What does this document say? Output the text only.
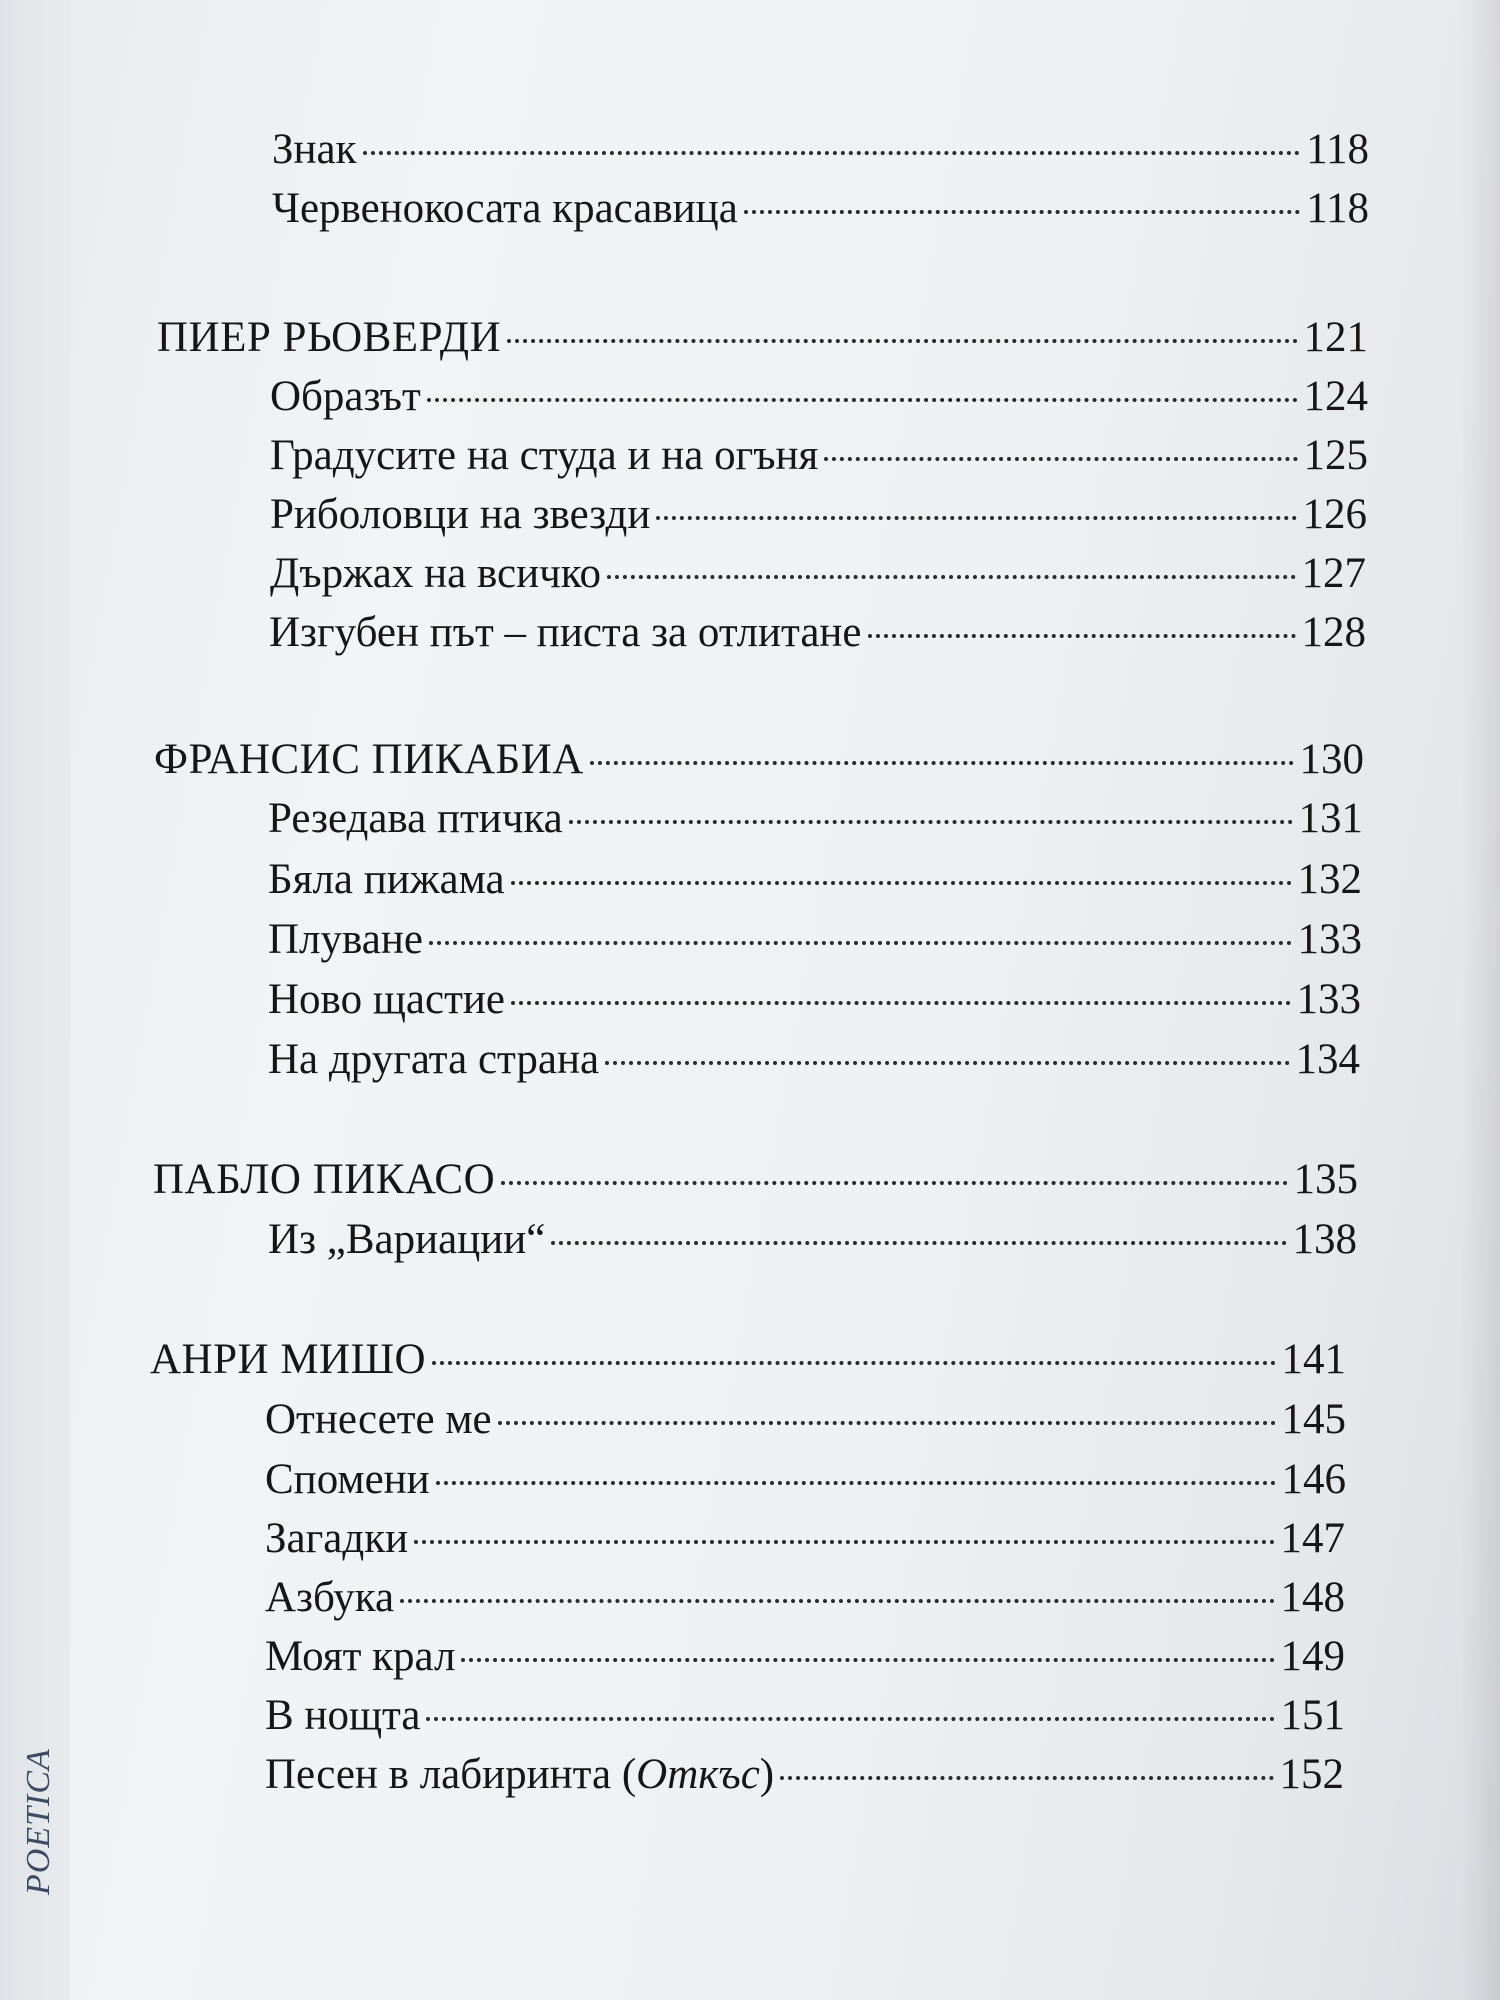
POETICA
Знак	118
Червенокосата красавица	118
ПИЕР РЬОВЕРДИ	121
Образът	124
Градусите на студа и на огъня	125
Риболовци на звезди	126
Държах на всичко	127
Изгубен път – писта за отлитане	128
ФРАНСИС ПИКАБИА	130
Резедава птичка	131
Бяла пижама	132
Плуване	133
Ново щастие	133
На другата страна	134
ПАБЛО ПИКАСО	135
Из „Вариации“	138
АНРИ МИШО	141
Отнесете ме	145
Спомени	146
Загадки	147
Азбука	148
Моят крал	149
В нощта	151
Песен в лабиринта (Откъс)	152
